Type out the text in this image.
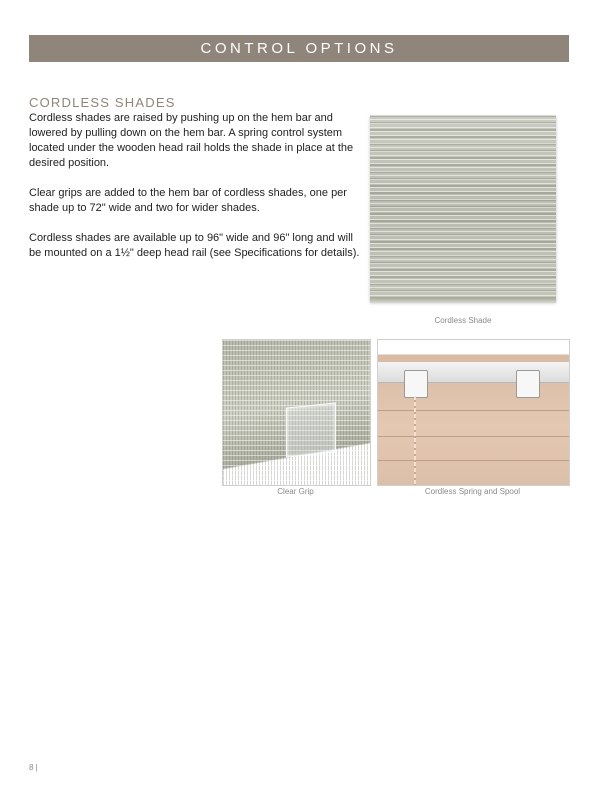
CONTROL OPTIONS
CORDLESS SHADES

Cordless shades are raised by pushing up on the hem bar and lowered by pulling down on the hem bar. A spring control system located under the wooden head rail holds the shade in place at the desired position.

Clear grips are added to the hem bar of cordless shades, one per shade up to 72" wide and two for wider shades.

Cordless shades are available up to 96" wide and 96" long and will be mounted on a 1½" deep head rail (see Specifications for details).

Cordless Shade
Clear Grip	Cordless Spring and Spool
8 |
